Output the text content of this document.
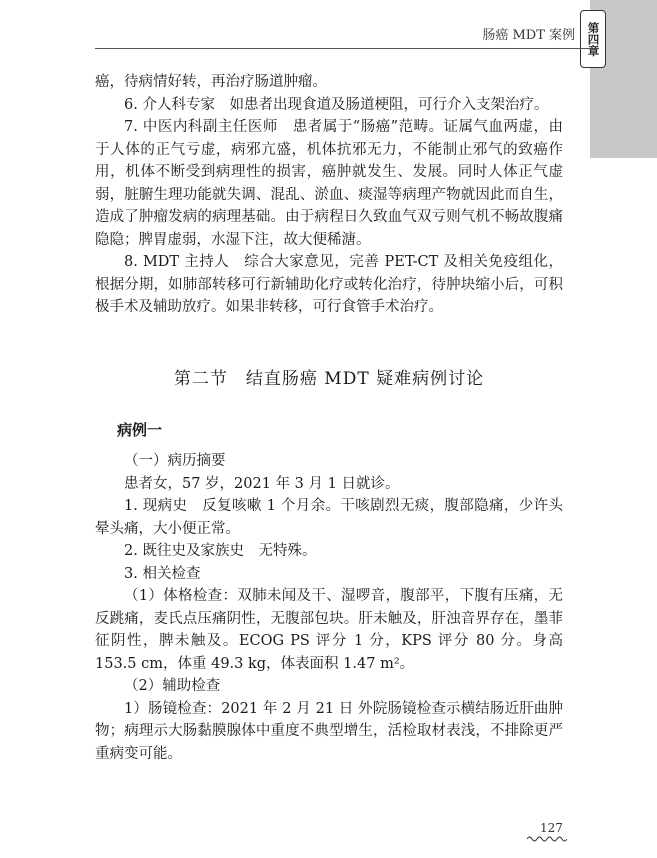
第四章
肠癌 MDT 案例

癌，待病情好转，再治疗肠道肿瘤。

6. 介人科专家　如患者出现食道及肠道梗阻，可行介入支架治疗。

7. 中医内科副主任医师　患者属于“肠癌”范畴。证属气血两虚，由于人体的正气亏虚，病邪亢盛，机体抗邪无力，不能制止邪气的致癌作用，机体不断受到病理性的损害，癌肿就发生、发展。同时人体正气虚弱，脏腑生理功能就失调、混乱、淤血、痰湿等病理产物就因此而自生，造成了肿瘤发病的病理基础。由于病程日久致血气双亏则气机不畅故腹痛隐隐；脾胃虚弱，水湿下注，故大便稀溏。

8. MDT 主持人　综合大家意见，完善 PET-CT 及相关免疫组化，根据分期，如肺部转移可行新辅助化疗或转化治疗，待肿块缩小后，可积极手术及辅助放疗。如果非转移，可行食管手术治疗。

第二节　结直肠癌 MDT 疑难病例讨论
病例一

（一）病历摘要

患者女，57 岁，2021 年 3 月 1 日就诊。

1. 现病史　反复咳嗽 1 个月余。干咳剧烈无痰，腹部隐痛，少许头晕头痛，大小便正常。

2. 既往史及家族史　无特殊。

3. 相关检查

（1）体格检查：双肺未闻及干、湿啰音，腹部平，下腹有压痛，无反跳痛，麦氏点压痛阴性，无腹部包块。肝未触及，肝浊音界存在，墨菲征阴性，脾未触及。ECOG PS 评分 1 分，KPS 评分 80 分。身高 153.5 cm，体重 49.3 kg，体表面积 1.47 m²。

（2）辅助检查

1）肠镜检查：2021 年 2 月 21 日 外院肠镜检查示横结肠近肝曲肿物；病理示大肠黏膜腺体中重度不典型增生，活检取材表浅，不排除更严重病变可能。

127
